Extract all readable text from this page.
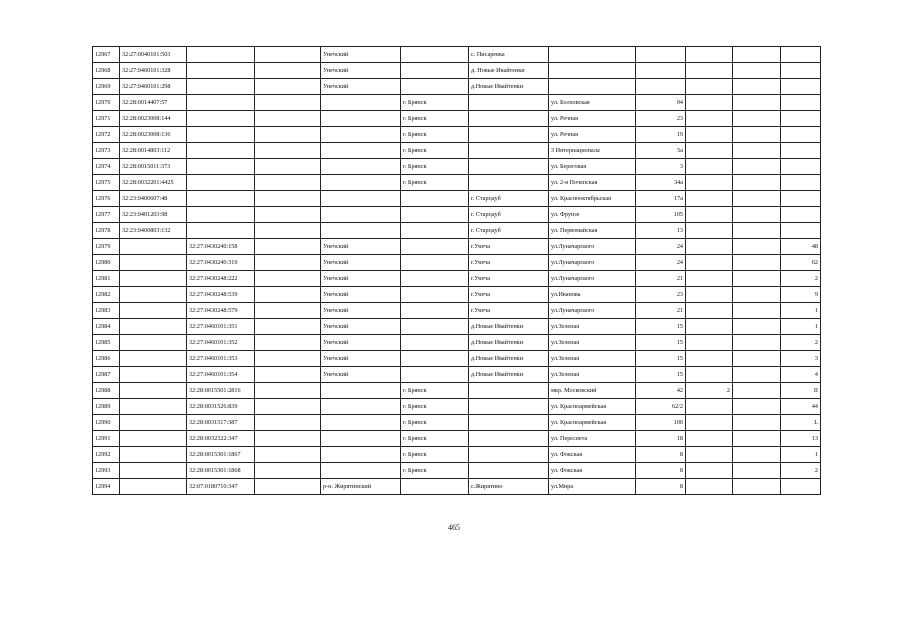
12967	32:27:0040101:503			Унечский		с. Писаревка					
12968	32:27:0460101:328			Унечский		д. Новые Ивайтенки					
12969	32:27:0460101:298			Унечский		д.Новые Ивайтенки					
12970	32:28:0014407:57				г. Брянск		ул. Болховская	94			
12971	32:28:0023008:144				г. Брянск		ул. Речная	23			
12972	32:28:0023008:136				г. Брянск		ул. Речная	19			
12973	32:28:0014803:112				г. Брянск		3 Интернационала	5а			
12974	32:28:0015011:373				г. Брянск		ул. Береговая	3			
12975	32:28:0032201:4425				г. Брянск		ул. 2-я Почепская	34а			
12976	32:23:0400607:48					г. Стародуб	ул. Краснооктябрьская	17а			
12977	32:23:0401203:98					г. Стародуб	ул. Фрунзе	105			
12978	32:23:0400803:132					г. Стародуб	ул. Первомайская	13			
12979		32:27:0430240:158		Унечский		г.Унеча	ул.Луначарского	24			48
12980		32:27:0430240:319		Унечский		г.Унеча	ул.Луначарского	24			62
12981		32:27:0430248:222		Унечский		г.Унеча	ул.Луначарского	21			2
12982		32:27:0430248:539		Унечский		г.Унеча	ул.Иванова	23			9
12983		32:27:0430248:579		Унечский		г.Унеча	ул.Луначарского	21			1
12984		32:27:0460101:351		Унечский		д.Новые Ивайтенки	ул.Зеленая	15			1
12985		32:27:0460101:352		Унечский		д.Новые Ивайтенки	ул.Зеленая	15			2
12986		32:27:0460101:353		Унечский		д.Новые Ивайтенки	ул.Зеленая	15			3
12987		32:27:0460101:354		Унечский		д.Новые Ивайтенки	ул.Зеленая	15			4
12988		32:28:0015501:2816			г. Брянск		мкр. Московский	42	2		II
12989		32:28:0031526:839			г. Брянск		ул. Красноармейская	62/2			44
12990		32:28:0031517:387			г. Брянск		ул. Красноармейская	100			L
12991		32:28:0032322:347			г. Брянск		ул. Пересвета	18			13
12992		32:28:0015301:1867			г. Брянск		ул. Фокская	8			1
12993		32:28:0015301:1868			г. Брянск		ул. Фокская	8			2
12994		32:07:0180710:347		р-н. Жирятинский		с.Жирятино	ул.Мира	8			
465
